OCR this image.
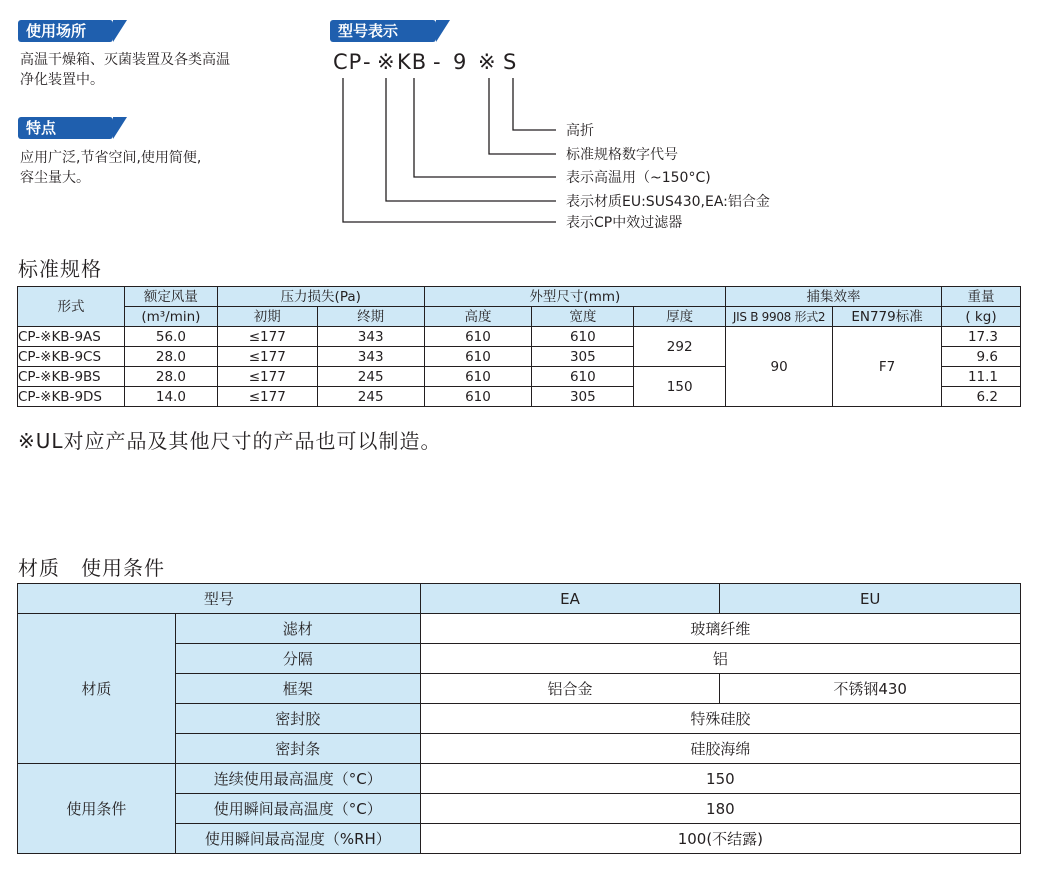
使用场所
高温干燥箱、灭菌装置及各类高温
净化装置中。
特点
应用广泛,节省空间,使用简便,
容尘量大。
型号表示

CP

-

※

KB

-

9

※

S

高折
标准规格数字代号
表示高温用（~150°C)
表示材质EU:SUS430,EA:铝合金
表示CP中效过滤器
标准规格
形式	额定风量	压力损失(Pa)		外型尺寸(mm)			捕集效率		重量
	(m³/min)	初期	终期	高度	宽度	厚度	JIS B 9908 形式2	EN779标准	( kg)
CP-※KB-9AS	56.0	≤177	343	610	610	292	90	F7	17.3
CP-※KB-9CS	28.0	≤177	343	610	305				9.6
CP-※KB-9BS	28.0	≤177	245	610	610	150			11.1
CP-※KB-9DS	14.0	≤177	245	610	305				6.2
※UL对应产品及其他尺寸的产品也可以制造。
材质　使用条件
型号		EA	EU
材质	滤材	玻璃纤维	
	分隔	铝	
	框架	铝合金	不锈钢430
	密封胶	特殊硅胶	
	密封条	硅胶海绵	
使用条件	连续使用最高温度（°C）	150	
	使用瞬间最高温度（°C）	180	
	使用瞬间最高湿度（%RH）	100(不结露)	
